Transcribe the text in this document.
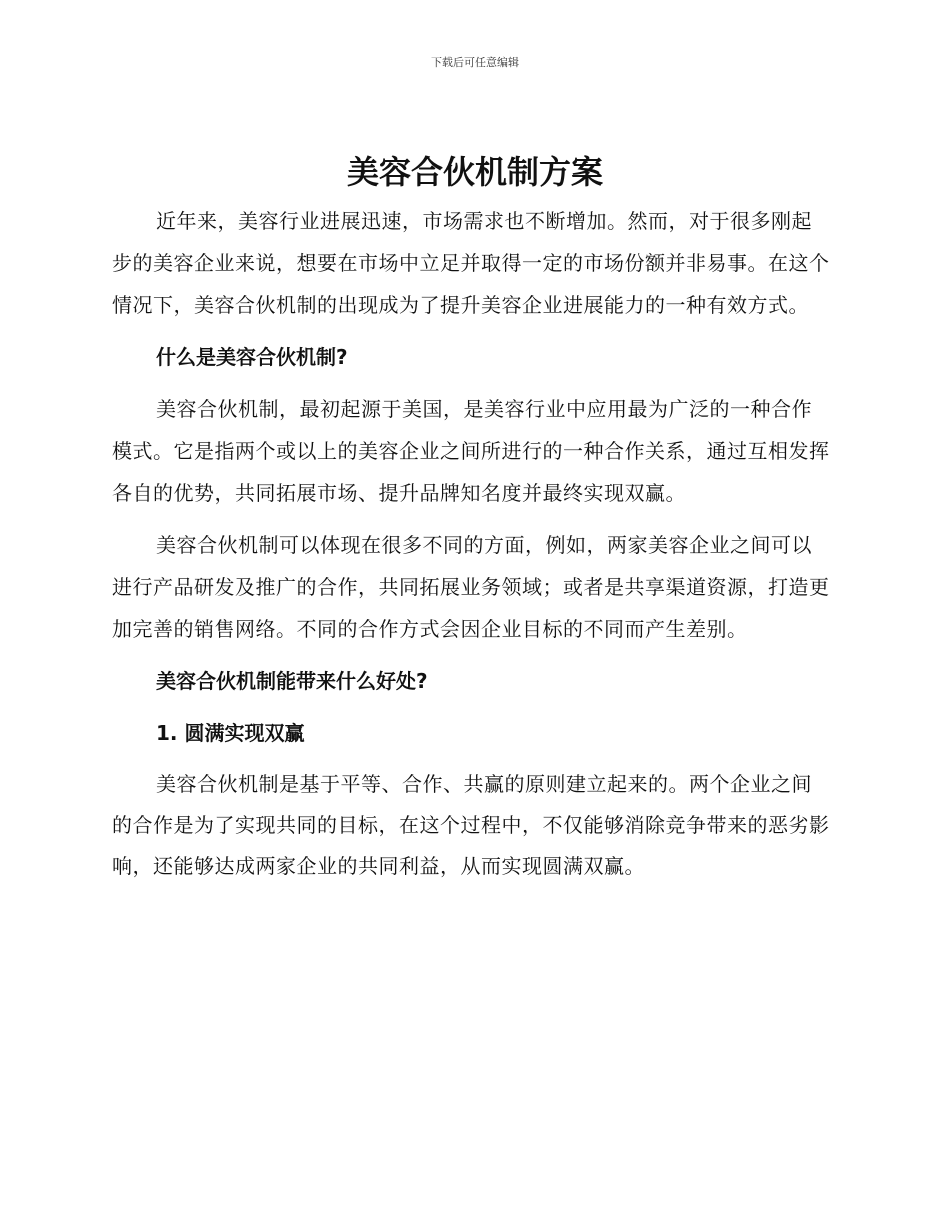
下载后可任意编辑
美容合伙机制方案

近年来，美容行业进展迅速，市场需求也不断增加。然而，对于很多刚起步的美容企业来说，想要在市场中立足并取得一定的市场份额并非易事。在这个情况下，美容合伙机制的出现成为了提升美容企业进展能力的一种有效方式。

什么是美容合伙机制?

美容合伙机制，最初起源于美国，是美容行业中应用最为广泛的一种合作模式。它是指两个或以上的美容企业之间所进行的一种合作关系，通过互相发挥各自的优势，共同拓展市场、提升品牌知名度并最终实现双赢。

美容合伙机制可以体现在很多不同的方面，例如，两家美容企业之间可以进行产品研发及推广的合作，共同拓展业务领域；或者是共享渠道资源，打造更加完善的销售网络。不同的合作方式会因企业目标的不同而产生差别。

美容合伙机制能带来什么好处?
1. 圆满实现双赢

美容合伙机制是基于平等、合作、共赢的原则建立起来的。两个企业之间的合作是为了实现共同的目标，在这个过程中，不仅能够消除竞争带来的恶劣影响，还能够达成两家企业的共同利益，从而实现圆满双赢。
